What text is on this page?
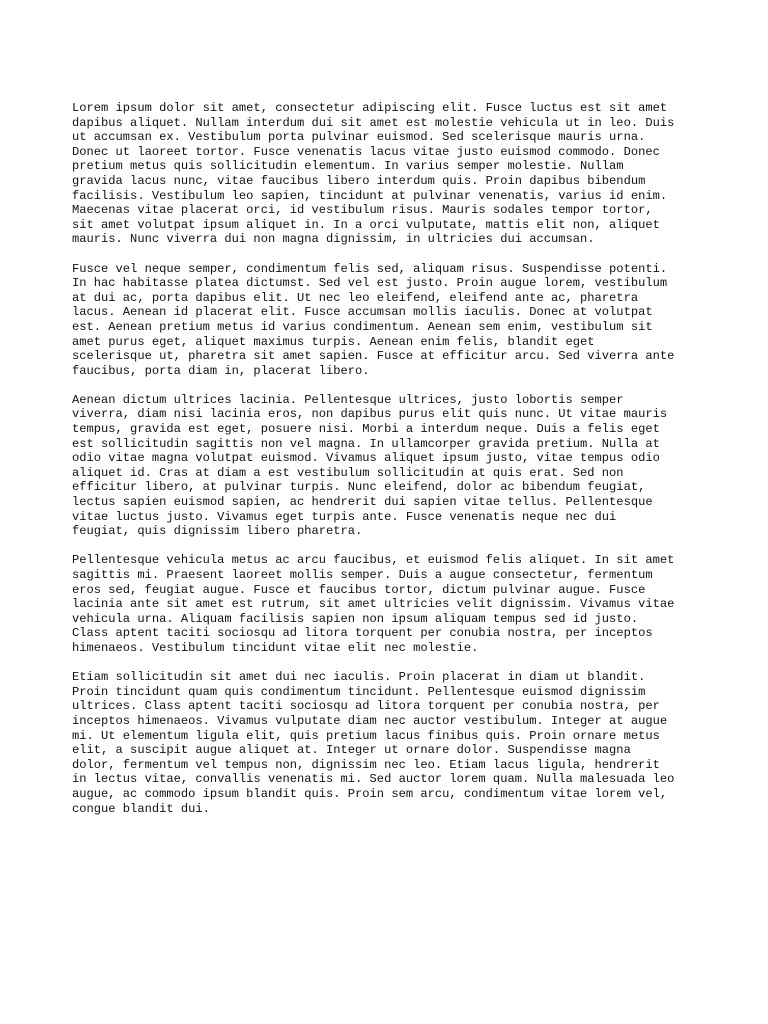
Lorem ipsum dolor sit amet, consectetur adipiscing elit. Fusce luctus est sit amet
dapibus aliquet. Nullam interdum dui sit amet est molestie vehicula ut in leo. Duis
ut accumsan ex. Vestibulum porta pulvinar euismod. Sed scelerisque mauris urna.
Donec ut laoreet tortor. Fusce venenatis lacus vitae justo euismod commodo. Donec
pretium metus quis sollicitudin elementum. In varius semper molestie. Nullam
gravida lacus nunc, vitae faucibus libero interdum quis. Proin dapibus bibendum
facilisis. Vestibulum leo sapien, tincidunt at pulvinar venenatis, varius id enim.
Maecenas vitae placerat orci, id vestibulum risus. Mauris sodales tempor tortor,
sit amet volutpat ipsum aliquet in. In a orci vulputate, mattis elit non, aliquet
mauris. Nunc viverra dui non magna dignissim, in ultricies dui accumsan.
Fusce vel neque semper, condimentum felis sed, aliquam risus. Suspendisse potenti.
In hac habitasse platea dictumst. Sed vel est justo. Proin augue lorem, vestibulum
at dui ac, porta dapibus elit. Ut nec leo eleifend, eleifend ante ac, pharetra
lacus. Aenean id placerat elit. Fusce accumsan mollis iaculis. Donec at volutpat
est. Aenean pretium metus id varius condimentum. Aenean sem enim, vestibulum sit
amet purus eget, aliquet maximus turpis. Aenean enim felis, blandit eget
scelerisque ut, pharetra sit amet sapien. Fusce at efficitur arcu. Sed viverra ante
faucibus, porta diam in, placerat libero.
Aenean dictum ultrices lacinia. Pellentesque ultrices, justo lobortis semper
viverra, diam nisi lacinia eros, non dapibus purus elit quis nunc. Ut vitae mauris
tempus, gravida est eget, posuere nisi. Morbi a interdum neque. Duis a felis eget
est sollicitudin sagittis non vel magna. In ullamcorper gravida pretium. Nulla at
odio vitae magna volutpat euismod. Vivamus aliquet ipsum justo, vitae tempus odio
aliquet id. Cras at diam a est vestibulum sollicitudin at quis erat. Sed non
efficitur libero, at pulvinar turpis. Nunc eleifend, dolor ac bibendum feugiat,
lectus sapien euismod sapien, ac hendrerit dui sapien vitae tellus. Pellentesque
vitae luctus justo. Vivamus eget turpis ante. Fusce venenatis neque nec dui
feugiat, quis dignissim libero pharetra.
Pellentesque vehicula metus ac arcu faucibus, et euismod felis aliquet. In sit amet
sagittis mi. Praesent laoreet mollis semper. Duis a augue consectetur, fermentum
eros sed, feugiat augue. Fusce et faucibus tortor, dictum pulvinar augue. Fusce
lacinia ante sit amet est rutrum, sit amet ultricies velit dignissim. Vivamus vitae
vehicula urna. Aliquam facilisis sapien non ipsum aliquam tempus sed id justo.
Class aptent taciti sociosqu ad litora torquent per conubia nostra, per inceptos
himenaeos. Vestibulum tincidunt vitae elit nec molestie.
Etiam sollicitudin sit amet dui nec iaculis. Proin placerat in diam ut blandit.
Proin tincidunt quam quis condimentum tincidunt. Pellentesque euismod dignissim
ultrices. Class aptent taciti sociosqu ad litora torquent per conubia nostra, per
inceptos himenaeos. Vivamus vulputate diam nec auctor vestibulum. Integer at augue
mi. Ut elementum ligula elit, quis pretium lacus finibus quis. Proin ornare metus
elit, a suscipit augue aliquet at. Integer ut ornare dolor. Suspendisse magna
dolor, fermentum vel tempus non, dignissim nec leo. Etiam lacus ligula, hendrerit
in lectus vitae, convallis venenatis mi. Sed auctor lorem quam. Nulla malesuada leo
augue, ac commodo ipsum blandit quis. Proin sem arcu, condimentum vitae lorem vel,
congue blandit dui.
